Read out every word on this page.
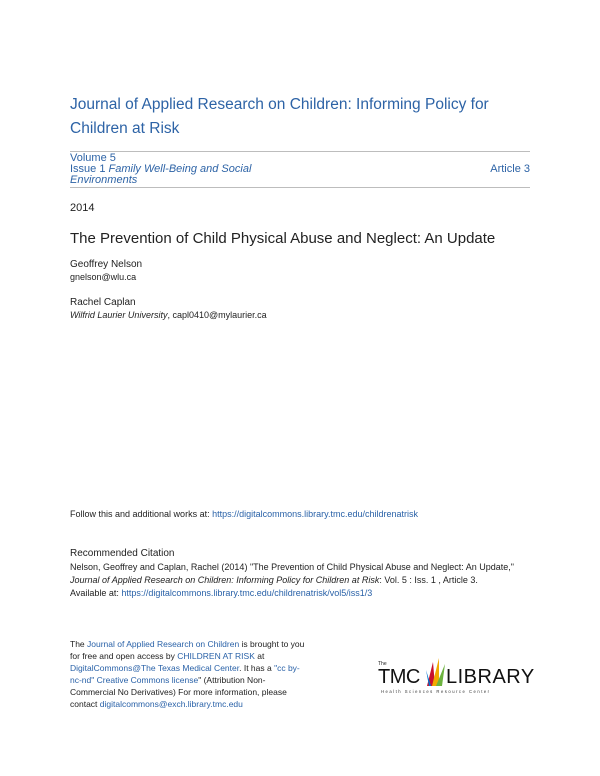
Journal of Applied Research on Children: Informing Policy for Children at Risk
Volume 5
Issue 1 Family Well-Being and Social Environments
Article 3
2014
The Prevention of Child Physical Abuse and Neglect: An Update
Geoffrey Nelson
gnelson@wlu.ca
Rachel Caplan
Wilfrid Laurier University, capl0410@mylaurier.ca
Follow this and additional works at: https://digitalcommons.library.tmc.edu/childrenatrisk
Recommended Citation
Nelson, Geoffrey and Caplan, Rachel (2014) "The Prevention of Child Physical Abuse and Neglect: An Update," Journal of Applied Research on Children: Informing Policy for Children at Risk: Vol. 5 : Iss. 1 , Article 3.
Available at: https://digitalcommons.library.tmc.edu/childrenatrisk/vol5/iss1/3
The Journal of Applied Research on Children is brought to you for free and open access by CHILDREN AT RISK at DigitalCommons@The Texas Medical Center. It has a "cc by-nc-nd" Creative Commons license" (Attribution Non-Commercial No Derivatives) For more information, please contact digitalcommons@exch.library.tmc.edu
The
TMC LIBRARY
Health Sciences Resource Center
